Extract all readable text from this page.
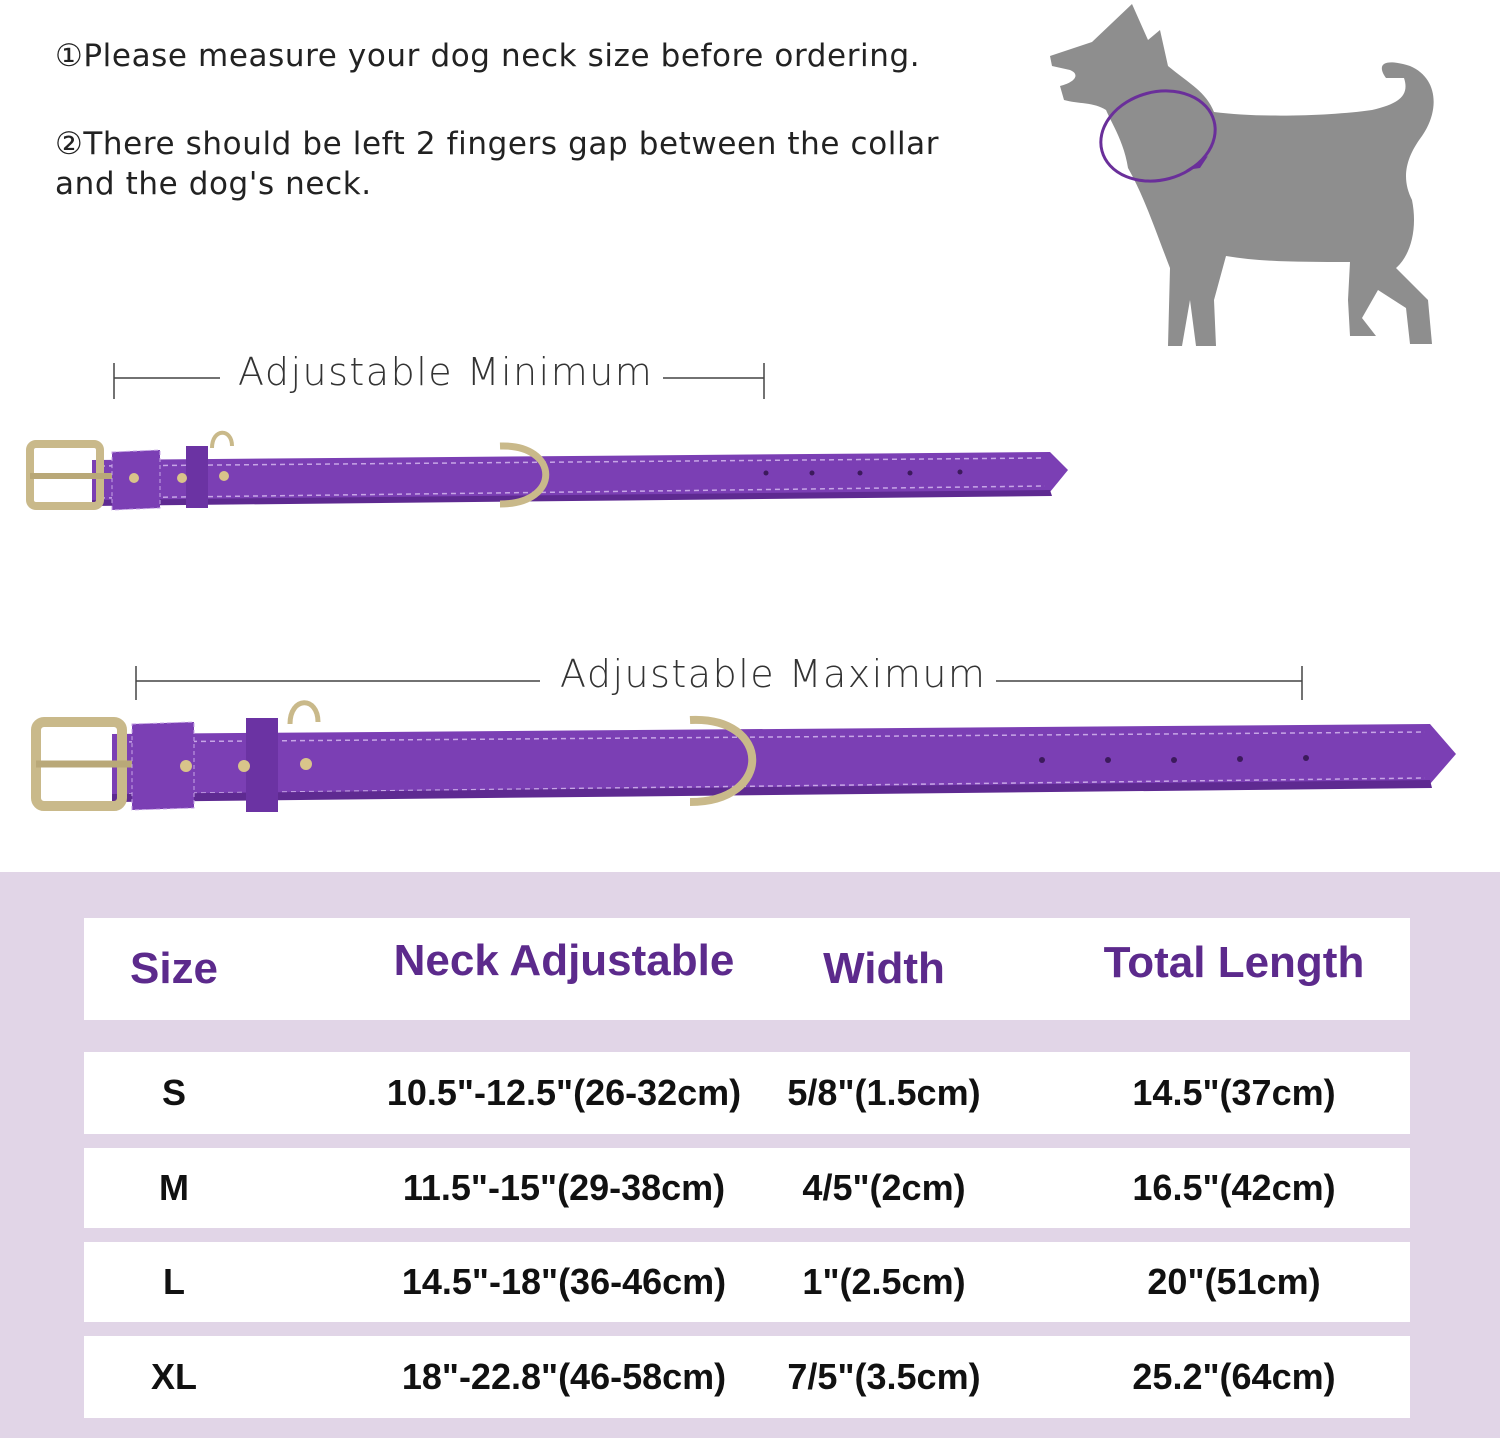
①Please measure your dog neck size before ordering.

②There should be left 2 fingers gap between the collar

and the dog's neck.

Adjustable Minimum
Adjustable Maximum
Size	Neck Adjustable	Width	Total Length
S	10.5"-12.5"(26-32cm)	5/8"(1.5cm)	14.5"(37cm)
M	11.5"-15"(29-38cm)	4/5"(2cm)	16.5"(42cm)
L	14.5"-18"(36-46cm)	1"(2.5cm)	20"(51cm)
XL	18"-22.8"(46-58cm)	7/5"(3.5cm)	25.2"(64cm)
